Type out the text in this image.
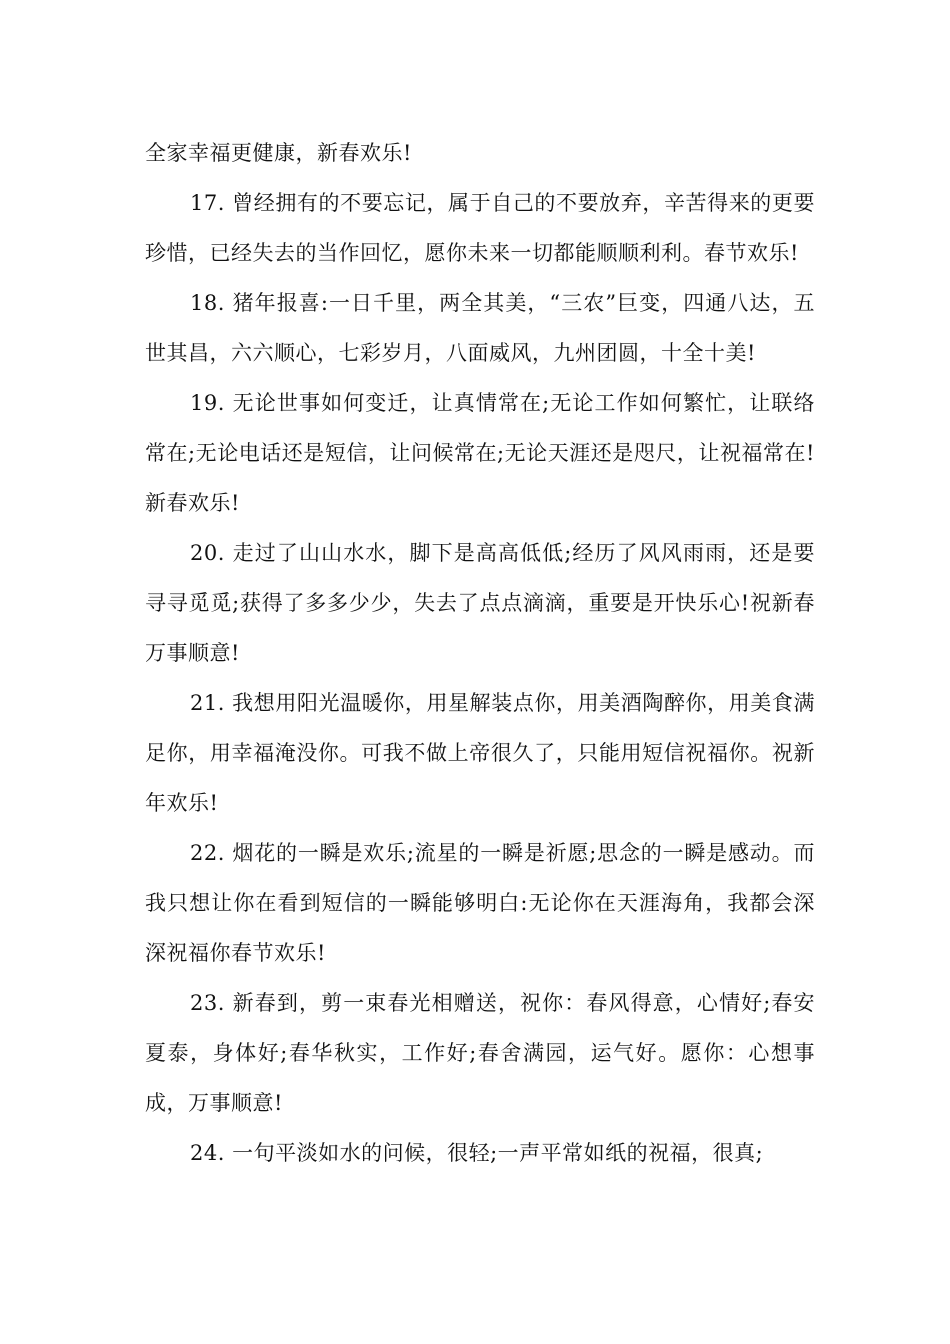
全家幸福更健康，新春欢乐!

17. 曾经拥有的不要忘记，属于自己的不要放弃，辛苦得来的更要珍惜，已经失去的当作回忆，愿你未来一切都能顺顺利利。春节欢乐!

18. 猪年报喜:一日千里，两全其美，“三农”巨变，四通八达，五世其昌，六六顺心，七彩岁月，八面威风，九州团圆，十全十美!

19. 无论世事如何变迁，让真情常在;无论工作如何繁忙，让联络常在;无论电话还是短信，让问候常在;无论天涯还是咫尺，让祝福常在!新春欢乐!

20. 走过了山山水水，脚下是高高低低;经历了风风雨雨，还是要寻寻觅觅;获得了多多少少，失去了点点滴滴，重要是开快乐心!祝新春万事顺意!

21. 我想用阳光温暖你，用星解装点你，用美酒陶醉你，用美食满足你，用幸福淹没你。可我不做上帝很久了，只能用短信祝福你。祝新年欢乐!

22. 烟花的一瞬是欢乐;流星的一瞬是祈愿;思念的一瞬是感动。而我只想让你在看到短信的一瞬能够明白:无论你在天涯海角，我都会深深祝福你春节欢乐!

23. 新春到，剪一束春光相赠送，祝你：春风得意，心情好;春安夏泰，身体好;春华秋实，工作好;春舍满园，运气好。愿你：心想事成，万事顺意!

24. 一句平淡如水的问候，很轻;一声平常如纸的祝福，很真;
